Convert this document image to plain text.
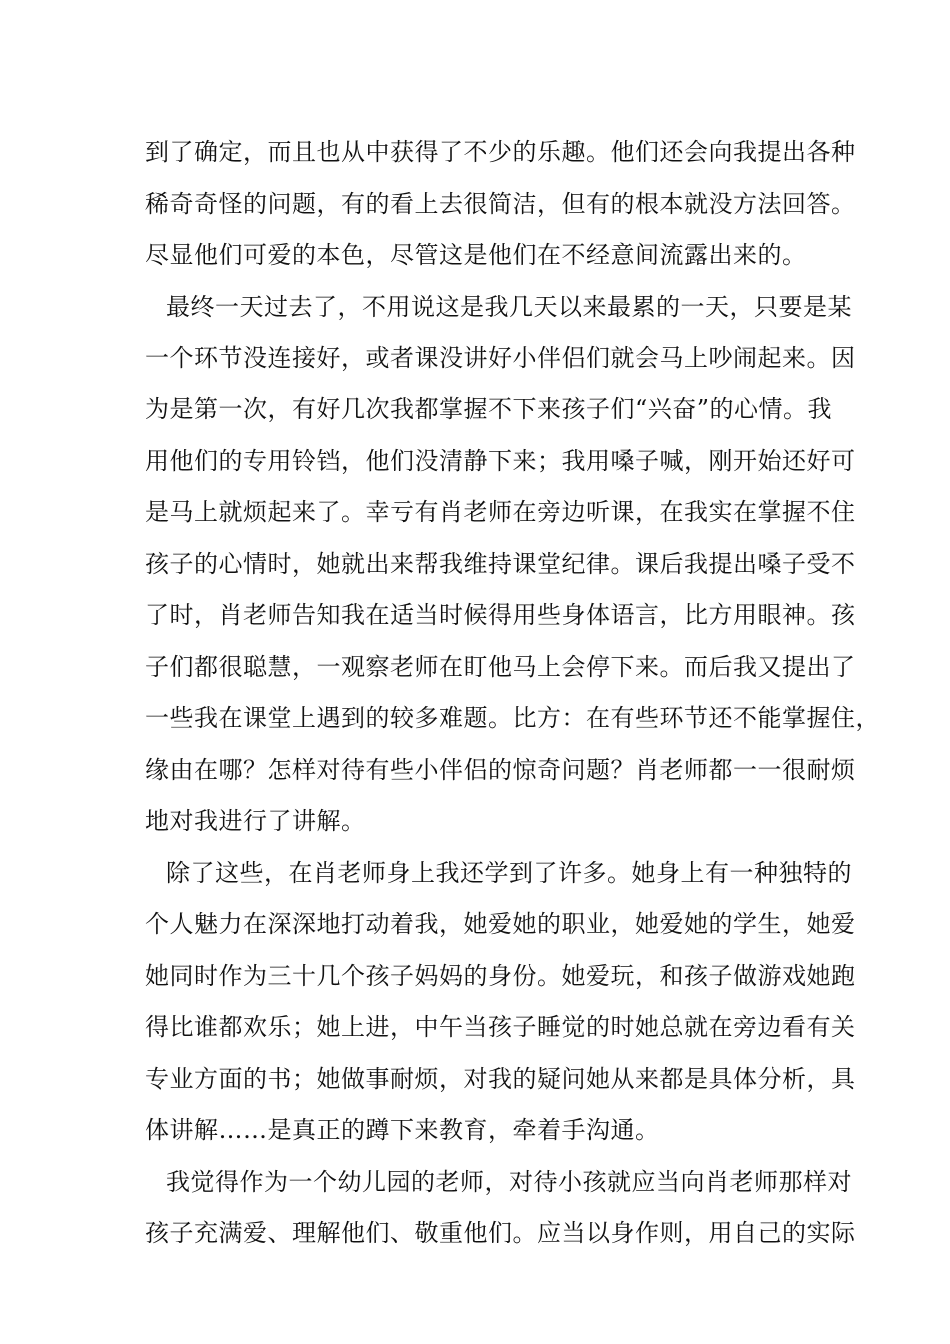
到了确定，而且也从中获得了不少的乐趣。他们还会向我提出各种

稀奇奇怪的问题，有的看上去很简洁，但有的根本就没方法回答。

尽显他们可爱的本色，尽管这是他们在不经意间流露出来的。

最终一天过去了，不用说这是我几天以来最累的一天，只要是某

一个环节没连接好，或者课没讲好小伴侣们就会马上吵闹起来。因

为是第一次，有好几次我都掌握不下来孩子们“兴奋”的心情。我

用他们的专用铃铛，他们没清静下来；我用嗓子喊，刚开始还好可

是马上就烦起来了。幸亏有肖老师在旁边听课，在我实在掌握不住

孩子的心情时，她就出来帮我维持课堂纪律。课后我提出嗓子受不

了时，肖老师告知我在适当时候得用些身体语言，比方用眼神。孩

子们都很聪慧，一观察老师在盯他马上会停下来。而后我又提出了

一些我在课堂上遇到的较多难题。比方：在有些环节还不能掌握住，

缘由在哪？怎样对待有些小伴侣的惊奇问题？肖老师都一一很耐烦

地对我进行了讲解。

除了这些，在肖老师身上我还学到了许多。她身上有一种独特的

个人魅力在深深地打动着我，她爱她的职业，她爱她的学生，她爱

她同时作为三十几个孩子妈妈的身份。她爱玩，和孩子做游戏她跑

得比谁都欢乐；她上进，中午当孩子睡觉的时她总就在旁边看有关

专业方面的书；她做事耐烦，对我的疑问她从来都是具体分析，具

体讲解……是真正的蹲下来教育，牵着手沟通。

我觉得作为一个幼儿园的老师，对待小孩就应当向肖老师那样对

孩子充满爱、理解他们、敬重他们。应当以身作则，用自己的实际
